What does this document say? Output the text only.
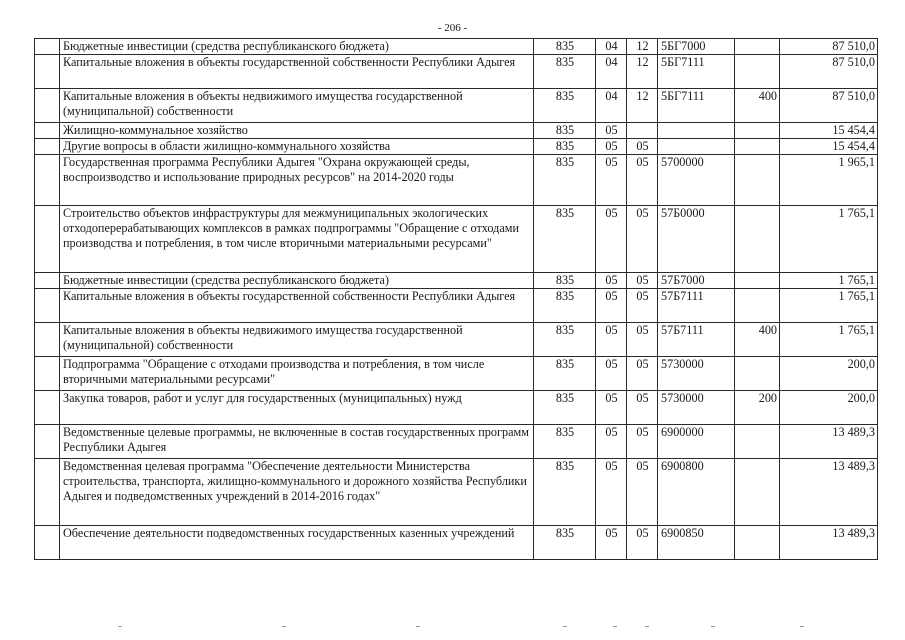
- 206 -
	Бюджетные инвестиции (средства республиканского бюджета)	835	04	12	5БГ7000		87 510,0
	Капитальные вложения в объекты государственной собственности Республики Адыгея	835	04	12	5БГ7111		87 510,0
	Капитальные вложения в объекты недвижимого имущества государственной (муниципальной) собственности	835	04	12	5БГ7111	400	87 510,0
	Жилищно-коммунальное хозяйство	835	05				15 454,4
	Другие вопросы в области жилищно-коммунального хозяйства	835	05	05			15 454,4
	Государственная программа Республики Адыгея "Охрана окружающей среды, воспроизводство и использование природных ресурсов" на 2014-2020 годы	835	05	05	5700000		1 965,1
	Строительство объектов инфраструктуры для межмуниципальных экологических отходоперерабатывающих комплексов в рамках подпрограммы "Обращение с отходами производства и потребления, в том числе вторичными материальными ресурсами"	835	05	05	57Б0000		1 765,1
	Бюджетные инвестиции (средства республиканского бюджета)	835	05	05	57Б7000		1 765,1
	Капитальные вложения в объекты государственной собственности Республики Адыгея	835	05	05	57Б7111		1 765,1
	Капитальные вложения в объекты недвижимого имущества государственной (муниципальной) собственности	835	05	05	57Б7111	400	1 765,1
	Подпрограмма "Обращение с отходами производства и потребления, в том числе вторичными материальными ресурсами"	835	05	05	5730000		200,0
	Закупка товаров, работ и услуг для государственных (муниципальных) нужд	835	05	05	5730000	200	200,0
	Ведомственные целевые программы, не включенные в состав государственных программ Республики Адыгея	835	05	05	6900000		13 489,3
	Ведомственная целевая программа "Обеспечение деятельности Министерства строительства, транспорта, жилищно-коммунального и дорожного хозяйства Республики Адыгея и подведомственных учреждений в 2014-2016 годах"	835	05	05	6900800		13 489,3
	Обеспечение деятельности подведомственных государственных казенных учреждений	835	05	05	6900850		13 489,3
